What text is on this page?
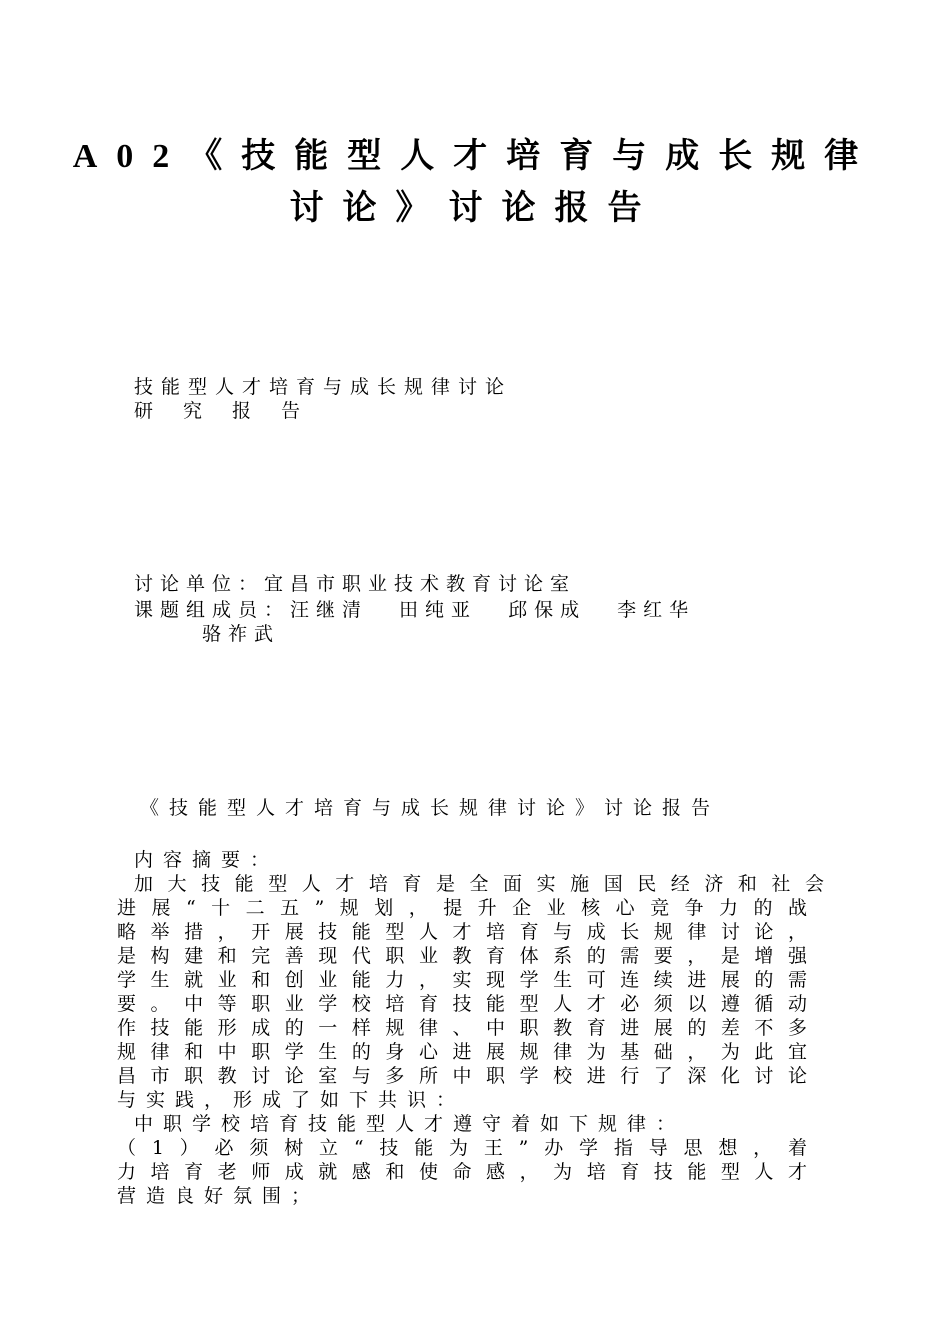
A02《技能型人才培育与成长规律
讨论》讨论报告
技能型人才培育与成长规律讨论
研究报告
讨论单位：宜昌市职业技术教育讨论室
课题组成员：汪继清 田纯亚 邱保成 李红华
骆祚武
《技能型人才培育与成长规律讨论》讨论报告
内容摘要：
加大技能型人才培育是全面实施国民经济和社会
进展“十二五”规划，提升企业核心竞争力的战
略举措，开展技能型人才培育与成长规律讨论，
是构建和完善现代职业教育体系的需要，是增强
学生就业和创业能力，实现学生可连续进展的需
要。中等职业学校培育技能型人才必须以遵循动
作技能形成的一样规律、中职教育进展的差不多
规律和中职学生的身心进展规律为基础，为此宜
昌市职教讨论室与多所中职学校进行了深化讨论
与实践，形成了如下共识：
中职学校培育技能型人才遵守着如下规律：
（1）必须树立“技能为王”办学指导思想，着
力培育老师成就感和使命感，为培育技能型人才
营造良好氛围；
